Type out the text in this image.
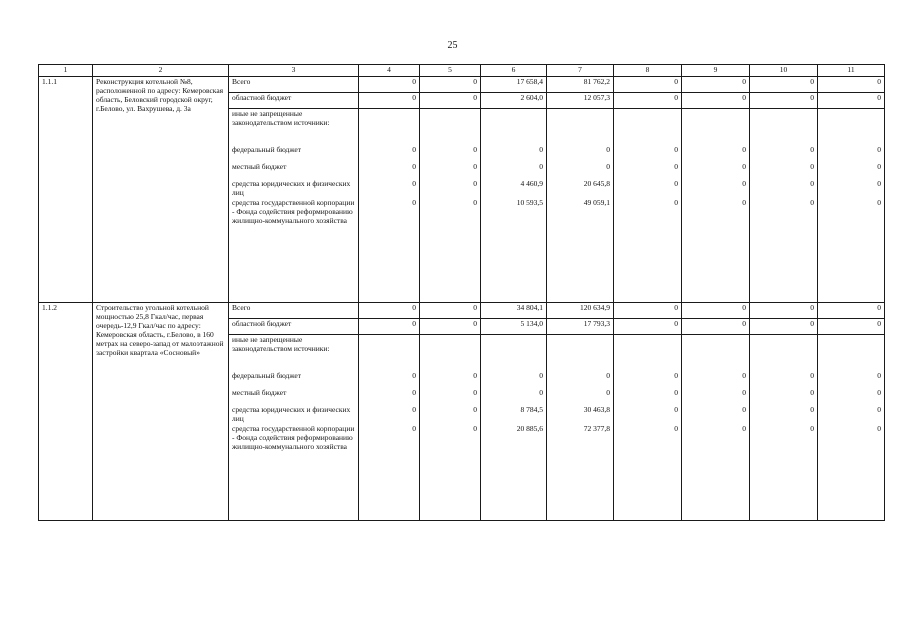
25
1	2	3	4	5	6	7	8	9	10	11
1.1.1	Реконструкция котельной №8, расположенной по адресу: Кемеровская область, Беловский городской округ, г.Белово, ул. Вахрушева, д. 3а	Всего	0	0	17 658,4	81 762,2	0	0	0	0
		областной бюджет	0	0	2 604,0	12 057,3	0	0	0	0
		иные не запрещенные законодательством источники:								
		федеральный бюджет	0	0	0	0	0	0	0	0
		местный бюджет	0	0	0	0	0	0	0	0
		средства юридических и физических лиц	0	0	4 460,9	20 645,8	0	0	0	0
		средства государственной корпорации - Фонда содействия реформированию жилищно-коммунального хозяйства	0	0	10 593,5	49 059,1	0	0	0	0
1.1.2	Строительство угольной котельной мощностью 25,8 Гкал/час, первая очередь-12,9 Гкал/час по адресу: Кемеровская область, г.Белово, в 160 метрах на северо-запад от малоэтажной застройки квартала «Сосновый»	Всего	0	0	34 804,1	120 634,9	0	0	0	0
		областной бюджет	0	0	5 134,0	17 793,3	0	0	0	0
		иные не запрещенные законодательством источники:								
		федеральный бюджет	0	0	0	0	0	0	0	0
		местный бюджет	0	0	0	0	0	0	0	0
		средства юридических и физических лиц	0	0	8 784,5	30 463,8	0	0	0	0
		средства государственной корпорации - Фонда содействия реформированию жилищно-коммунального хозяйства	0	0	20 885,6	72 377,8	0	0	0	0
